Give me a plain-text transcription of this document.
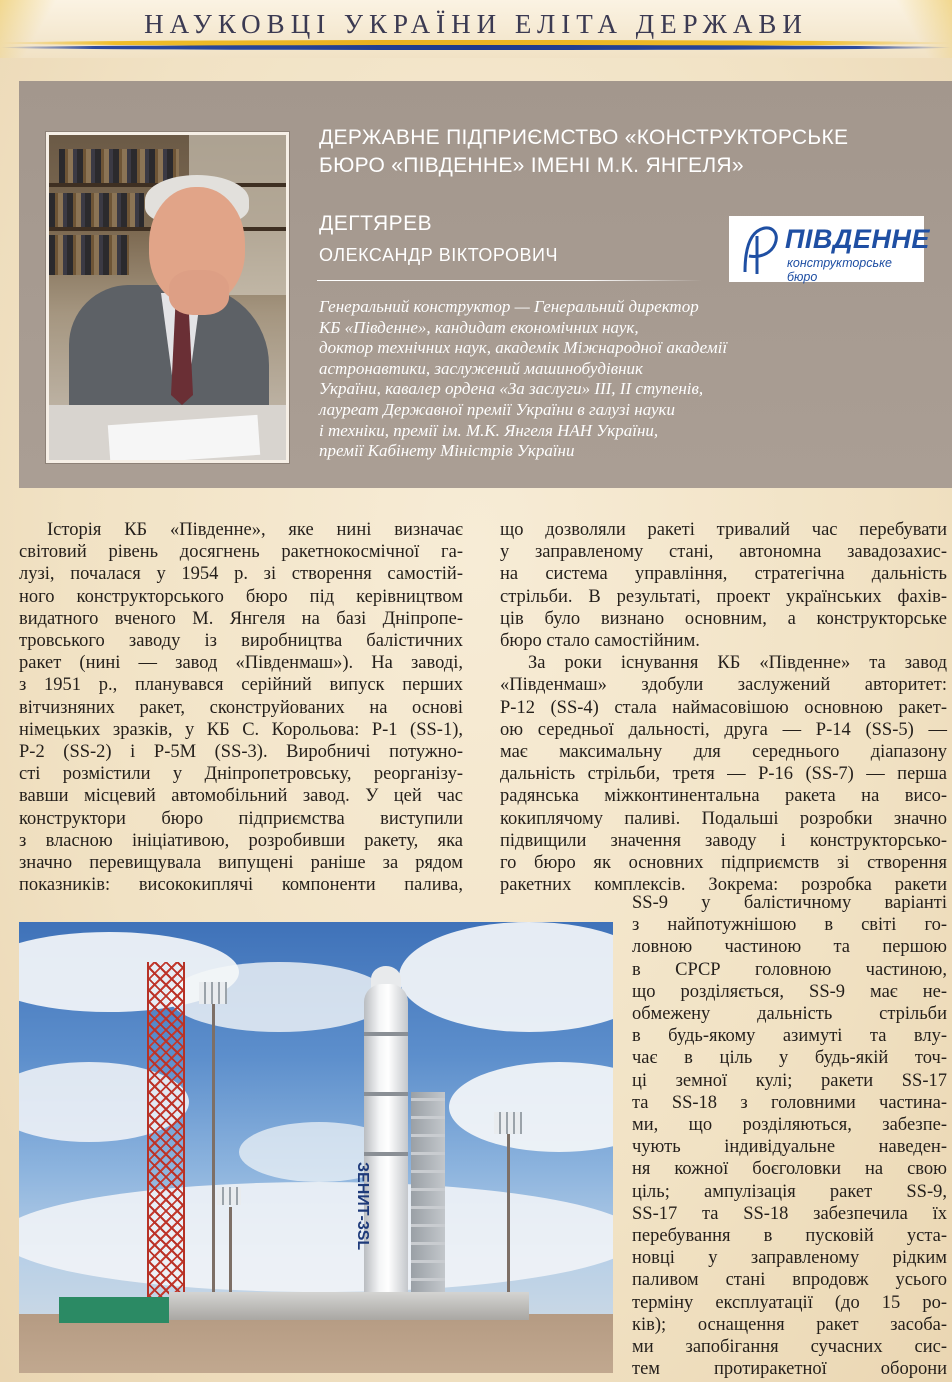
НАУКОВЦІ УКРАЇНИ ЕЛІТА ДЕРЖАВИ
ДЕРЖАВНЕ ПІДПРИЄМСТВО «КОНСТРУКТОРСЬКЕ
БЮРО «ПІВДЕННЕ» ІМЕНІ М.К. ЯНГЕЛЯ»
ДЕГТЯРЕВ
ОЛЕКСАНДР ВІКТОРОВИЧ
ПІВДЕННЕ
конструкторське бюро
Генеральний конструктор — Генеральний директор
КБ «Південне», кандидат економічних наук,
доктор технічних наук, академік Міжнародної академії
астронавтики, заслужений машинобудівник
України, кавалер ордена «За заслуги» III, II ступенів,
лауреат Державної премії України в галузі науки
і техніки, премії ім. М.К. Янгеля НАН України,
премії Кабінету Міністрів України
Історія КБ «Південне», яке нині визначає
світовий рівень досягнень ракетнокосмічної га-
лузі, почалася у 1954 р. зі створення самостій-
ного конструкторського бюро під керівництвом
видатного вченого М. Янгеля на базі Дніпропе-
тровського заводу із виробництва балістичних
ракет (нині — завод «Південмаш»). На заводі,
з 1951 р., планувався серійний випуск перших
вітчизняних ракет, сконструйованих на основі
німецьких зразків, у КБ С. Корольова: Р-1 (SS-1),
Р-2 (SS-2) і Р-5М (SS-3). Виробничі потужно-
сті розмістили у Дніпропетровську, реорганізу-
вавши місцевий автомобільний завод. У цей час
конструктори бюро підприємства виступили
з власною ініціативою, розробивши ракету, яка
значно перевищувала випущені раніше за рядом
показників: висококиплячі компоненти палива,
що дозволяли ракеті тривалий час перебувати
у заправленому стані, автономна завадозахис-
на система управління, стратегічна дальність
стрільби. В результаті, проект українських фахів-
ців було визнано основним, а конструкторське
бюро стало самостійним.
За роки існування КБ «Південне» та завод
«Південмаш» здобули заслужений авторитет:
Р-12 (SS-4) стала наймасовішою основною ракет-
ою середньої дальності, друга — Р-14 (SS-5) —
має максимальну для середнього діапазону
дальність стрільби, третя — Р-16 (SS-7) — перша
радянська міжконтинентальна ракета на висо-
кокиплячому паливі. Подальші розробки значно
підвищили значення заводу і конструкторсько-
го бюро як основних підприємств зі створення
ракетних комплексів. Зокрема: розробка ракети
SS-9 у балістичному варіанті
з найпотужнішою в світі го-
ловною частиною та першою
в СРСР головною частиною,
що розділяється, SS-9 має не-
обмежену дальність стрільби
в будь-якому азимуті та влу-
чає в ціль у будь-якій точ-
ці земної кулі; ракети SS-17
та SS-18 з головними частина-
ми, що розділяються, забезпе-
чують індивідуальне наведен-
ня кожної боєголовки на свою
ціль; ампулізація ракет SS-9,
SS-17 та SS-18 забезпечила їх
перебування в пусковій уста-
новці у заправленому рідким
паливом стані впродовж усього
терміну експлуатації (до 15 ро-
ків); оснащення ракет засоба-
ми запобігання сучасних сис-
тем протиракетної оборони
